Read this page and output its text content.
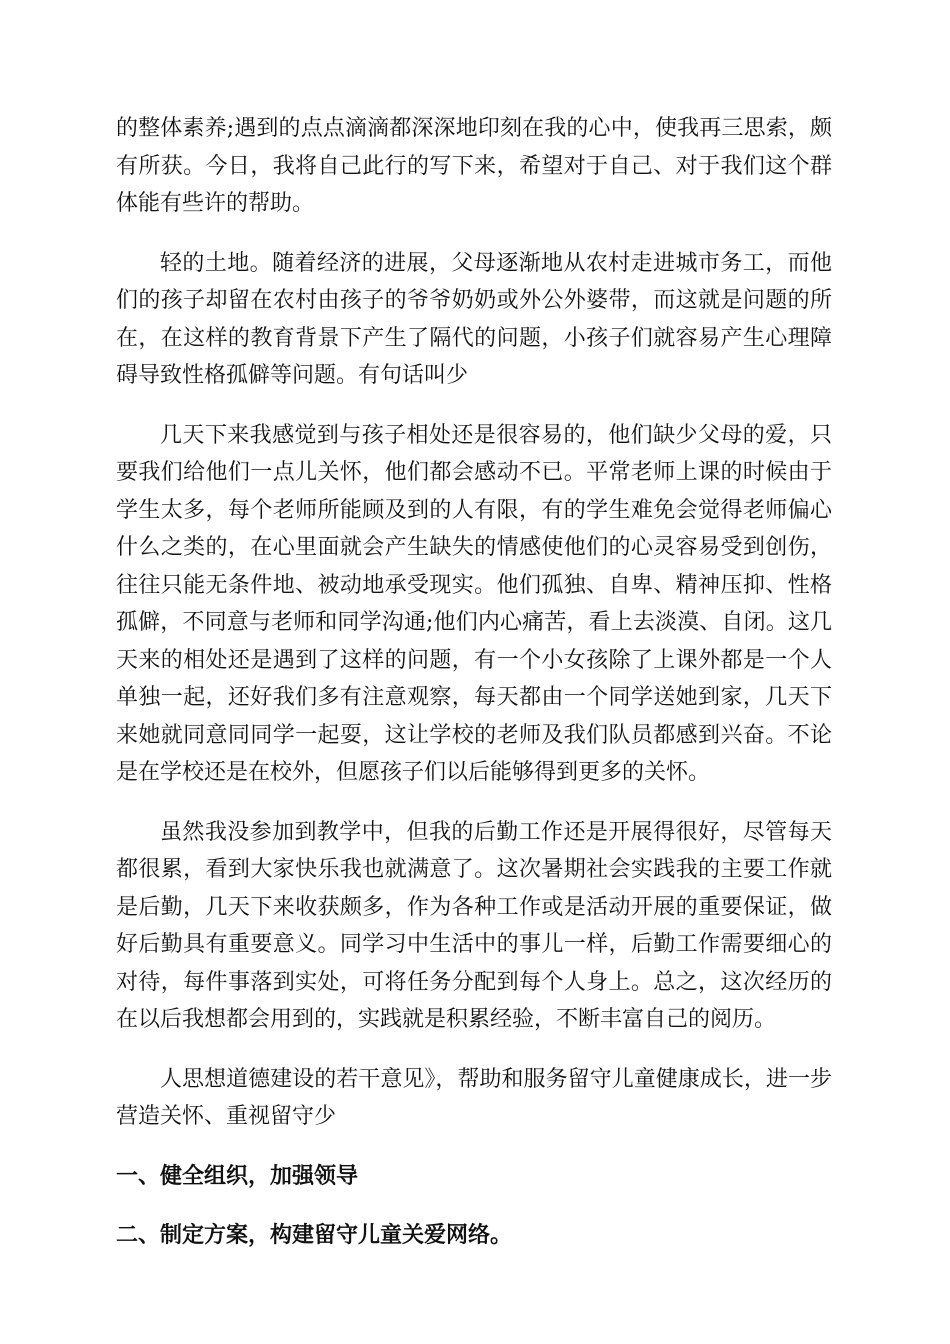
的整体素养;遇到的点点滴滴都深深地印刻在我的心中，使我再三思索，颇有所获。今日，我将自己此行的写下来，希望对于自己、对于我们这个群体能有些许的帮助。

轻的土地。随着经济的进展，父母逐渐地从农村走进城市务工，而他们的孩子却留在农村由孩子的爷爷奶奶或外公外婆带，而这就是问题的所在，在这样的教育背景下产生了隔代的问题，小孩子们就容易产生心理障碍导致性格孤僻等问题。有句话叫少

几天下来我感觉到与孩子相处还是很容易的，他们缺少父母的爱，只要我们给他们一点儿关怀，他们都会感动不已。平常老师上课的时候由于学生太多，每个老师所能顾及到的人有限，有的学生难免会觉得老师偏心什么之类的，在心里面就会产生缺失的情感使他们的心灵容易受到创伤，往往只能无条件地、被动地承受现实。他们孤独、自卑、精神压抑、性格孤僻，不同意与老师和同学沟通;他们内心痛苦，看上去淡漠、自闭。这几天来的相处还是遇到了这样的问题，有一个小女孩除了上课外都是一个人单独一起，还好我们多有注意观察，每天都由一个同学送她到家，几天下来她就同意同同学一起耍，这让学校的老师及我们队员都感到兴奋。不论是在学校还是在校外，但愿孩子们以后能够得到更多的关怀。

虽然我没参加到教学中，但我的后勤工作还是开展得很好，尽管每天都很累，看到大家快乐我也就满意了。这次暑期社会实践我的主要工作就是后勤，几天下来收获颇多，作为各种工作或是活动开展的重要保证，做好后勤具有重要意义。同学习中生活中的事儿一样，后勤工作需要细心的对待，每件事落到实处，可将任务分配到每个人身上。总之，这次经历的在以后我想都会用到的，实践就是积累经验，不断丰富自己的阅历。

人思想道德建设的若干意见》，帮助和服务留守儿童健康成长，进一步营造关怀、重视留守少

一、健全组织，加强领导

二、制定方案，构建留守儿童关爱网络。
